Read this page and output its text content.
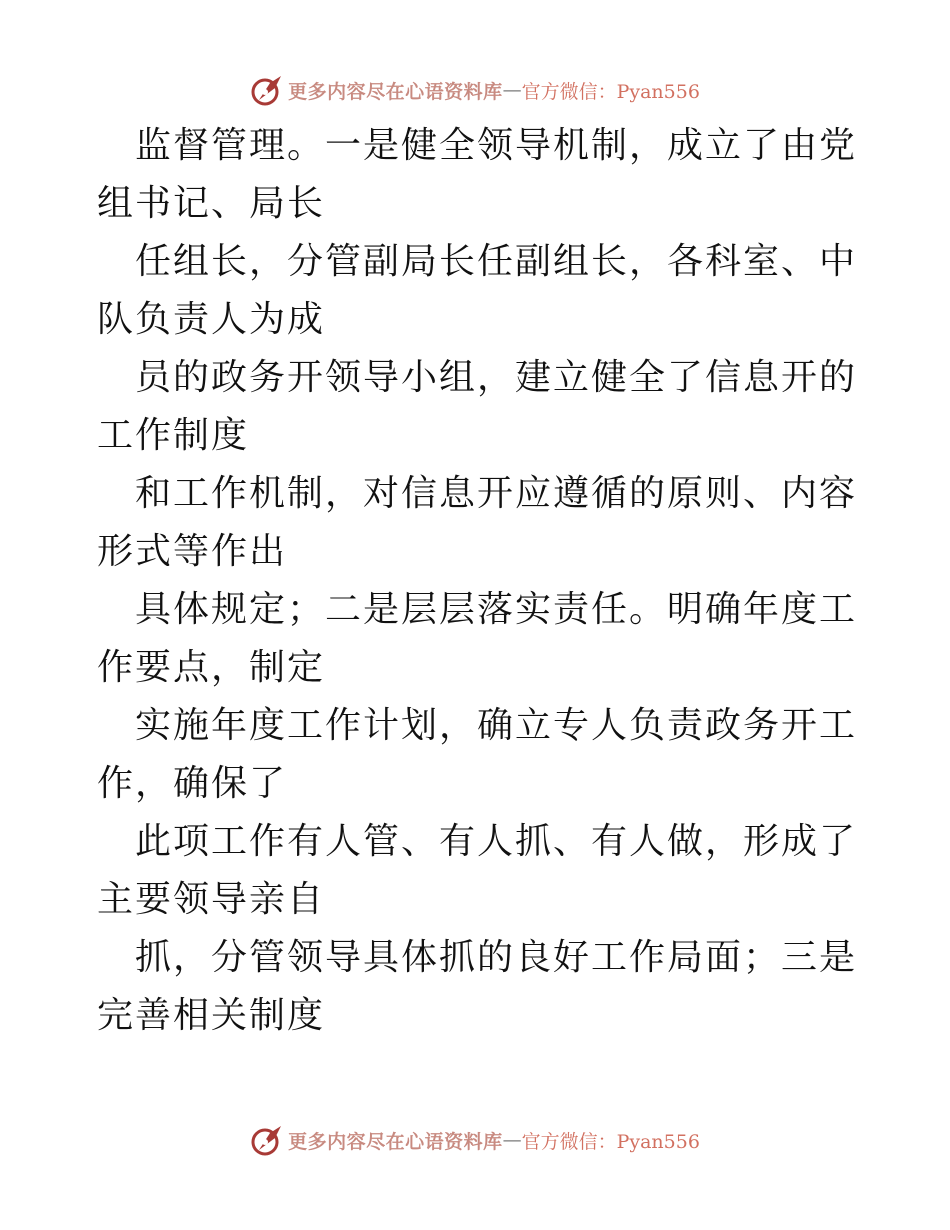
更多内容尽在心语资料库 — 官方微信：Pyan556

监督管理。一是健全领导机制，成立了由党组书记、局长

任组长，分管副局长任副组长，各科室、中队负责人为成

员的政务开领导小组，建立健全了信息开的工作制度

和工作机制，对信息开应遵循的原则、内容形式等作出

具体规定；二是层层落实责任。明确年度工作要点，制定

实施年度工作计划，确立专人负责政务开工作，确保了

此项工作有人管、有人抓、有人做，形成了主要领导亲自

抓，分管领导具体抓的良好工作局面；三是完善相关制度

更多内容尽在心语资料库 — 官方微信：Pyan556
